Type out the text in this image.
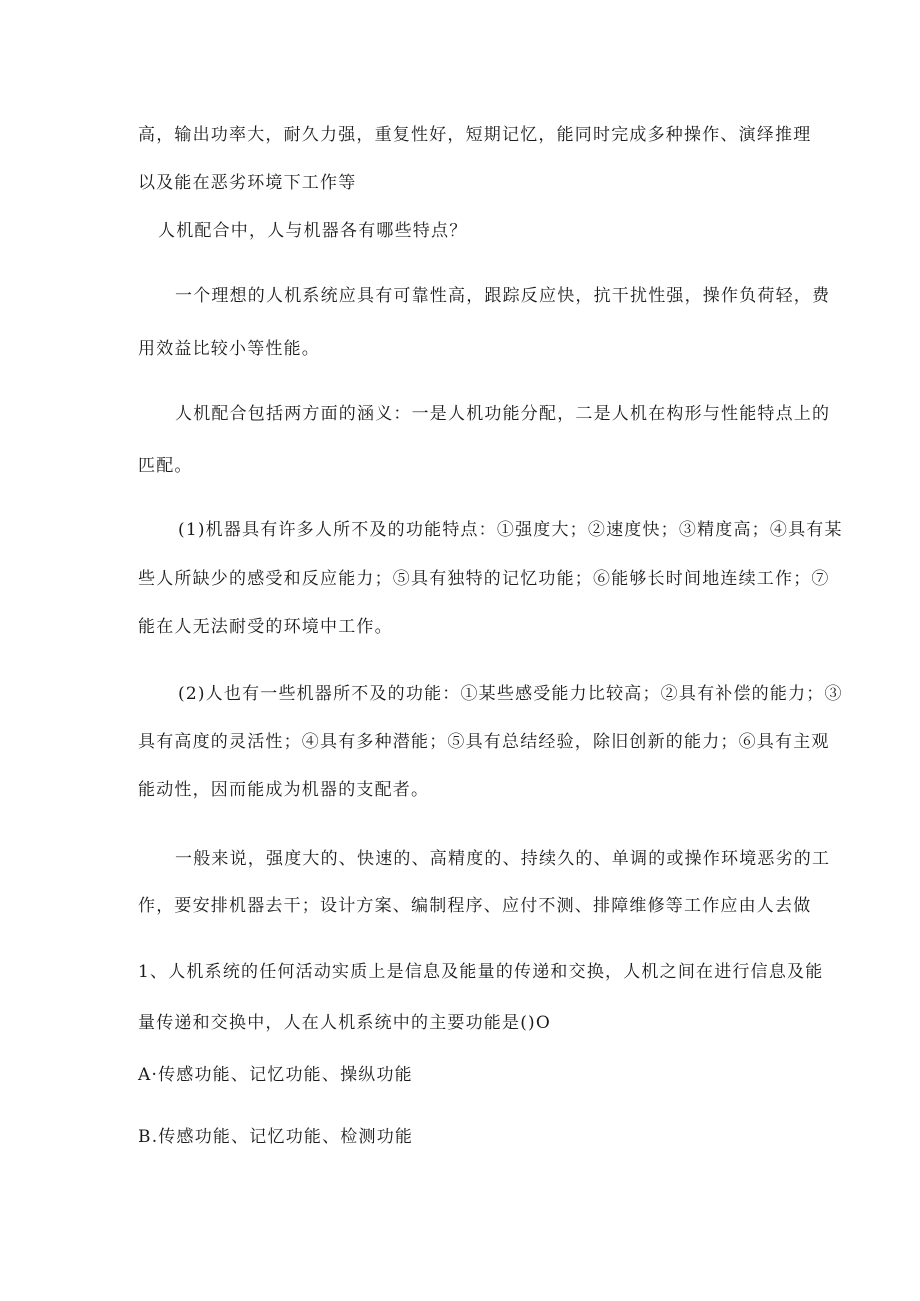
高，输出功率大，耐久力强，重复性好，短期记忆，能同时完成多种操作、演绎推理
以及能在恶劣环境下工作等
人机配合中，人与机器各有哪些特点？
一个理想的人机系统应具有可靠性高，跟踪反应快，抗干扰性强，操作负荷轻，费
用效益比较小等性能。
人机配合包括两方面的涵义：一是人机功能分配，二是人机在构形与性能特点上的
匹配。
(1)机器具有许多人所不及的功能特点：①强度大；②速度快；③精度高；④具有某
些人所缺少的感受和反应能力；⑤具有独特的记忆功能；⑥能够长时间地连续工作；⑦
能在人无法耐受的环境中工作。
(2)人也有一些机器所不及的功能：①某些感受能力比较高；②具有补偿的能力；③
具有高度的灵活性；④具有多种潜能；⑤具有总结经验，除旧创新的能力；⑥具有主观
能动性，因而能成为机器的支配者。
一般来说，强度大的、快速的、高精度的、持续久的、单调的或操作环境恶劣的工
作，要安排机器去干；设计方案、编制程序、应付不测、排障维修等工作应由人去做
1、人机系统的任何活动实质上是信息及能量的传递和交换，人机之间在进行信息及能
量传递和交换中，人在人机系统中的主要功能是()O
A·传感功能、记忆功能、操纵功能
B.传感功能、记忆功能、检测功能
